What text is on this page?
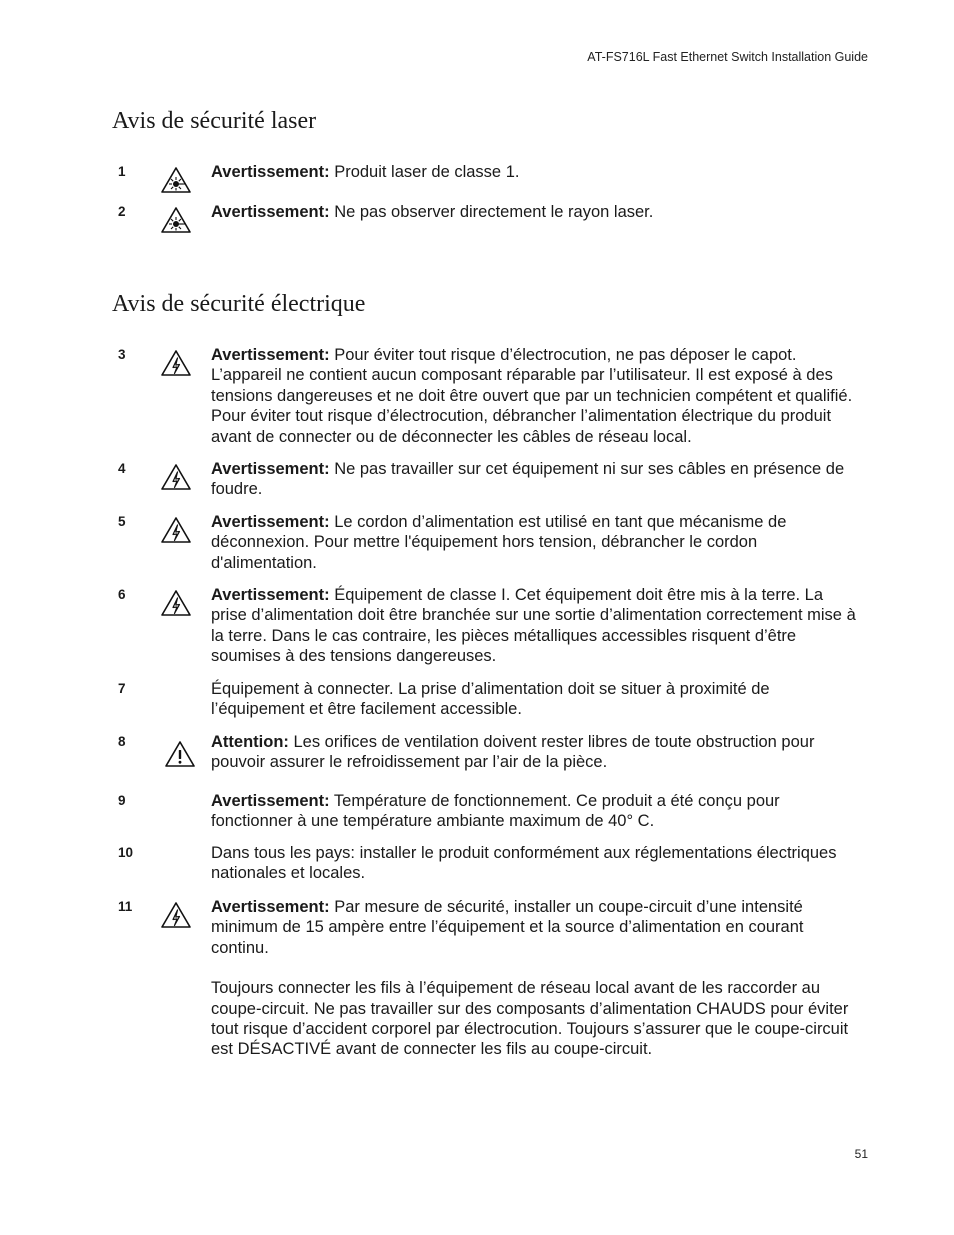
AT-FS716L Fast Ethernet Switch Installation Guide
Avis de sécurité laser
1	Avertissement: Produit laser de classe 1.

2	Avertissement: Ne pas observer directement le rayon laser.

Avis de sécurité électrique
3	Avertissement: Pour éviter tout risque d’électrocution, ne pas déposer le capot. L’appareil ne contient aucun composant réparable par l’utilisateur. Il est exposé à des tensions dangereuses et ne doit être ouvert que par un technicien compétent et qualifié. Pour éviter tout risque d’électrocution, débrancher l’alimentation électrique du produit avant de connecter ou de déconnecter les câbles de réseau local.

4	Avertissement: Ne pas travailler sur cet équipement ni sur ses câbles en présence de foudre.

5	Avertissement: Le cordon d’alimentation est utilisé en tant que mécanisme de déconnexion. Pour mettre l'équipement hors tension, débrancher le cordon d'alimentation.

6	Avertissement: Équipement de classe I. Cet équipement doit être mis à la terre. La prise d’alimentation doit être branchée sur une sortie d’alimentation correctement mise à la terre. Dans le cas contraire, les pièces métalliques accessibles risquent d’être soumises à des tensions dangereuses.

7	Équipement à connecter. La prise d’alimentation doit se situer à proximité de l’équipement et être facilement accessible.

8	Attention: Les orifices de ventilation doivent rester libres de toute obstruction pour pouvoir assurer le refroidissement par l’air de la pièce.

9	Avertissement: Température de fonctionnement. Ce produit a été conçu pour fonctionner à une température ambiante maximum de 40° C.

10	Dans tous les pays: installer le produit conformément aux réglementations électriques nationales et locales.

11	Avertissement: Par mesure de sécurité, installer un coupe-circuit d’une intensité minimum de 15 ampère entre l’équipement et la source d’alimentation en courant continu.

Toujours connecter les fils à l’équipement de réseau local avant de les raccorder au coupe-circuit. Ne pas travailler sur des composants d’alimentation CHAUDS pour éviter tout risque d’accident corporel par électrocution. Toujours s’assurer que le coupe-circuit est DÉSACTIVÉ avant de connecter les fils au coupe-circuit.

51
